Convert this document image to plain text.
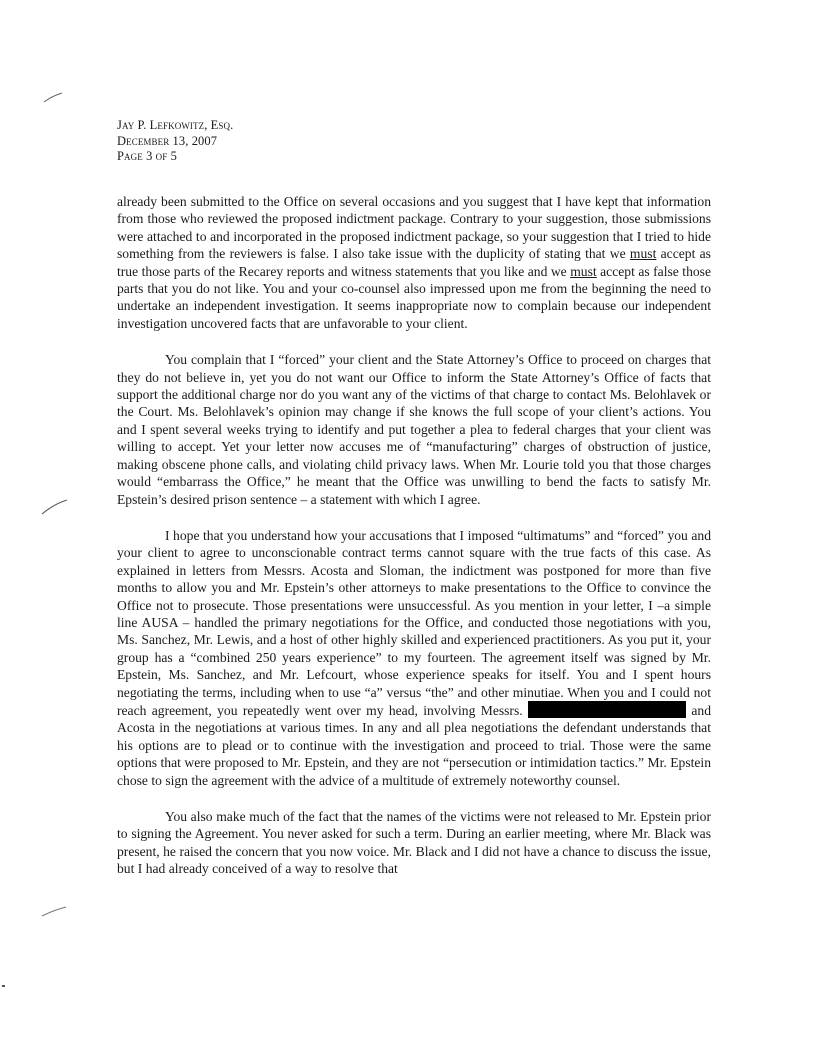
Jay P. Lefkowitz, Esq.
December 13, 2007
Page 3 of 5

already been submitted to the Office on several occasions and you suggest that I have kept that information from those who reviewed the proposed indictment package. Contrary to your suggestion, those submissions were attached to and incorporated in the proposed indictment package, so your suggestion that I tried to hide something from the reviewers is false. I also take issue with the duplicity of stating that we must accept as true those parts of the Recarey reports and witness statements that you like and we must accept as false those parts that you do not like. You and your co-counsel also impressed upon me from the beginning the need to undertake an independent investigation. It seems inappropriate now to complain because our independent investigation uncovered facts that are unfavorable to your client.

You complain that I “forced” your client and the State Attorney’s Office to proceed on charges that they do not believe in, yet you do not want our Office to inform the State Attorney’s Office of facts that support the additional charge nor do you want any of the victims of that charge to contact Ms. Belohlavek or the Court. Ms. Belohlavek’s opinion may change if she knows the full scope of your client’s actions. You and I spent several weeks trying to identify and put together a plea to federal charges that your client was willing to accept. Yet your letter now accuses me of “manufacturing” charges of obstruction of justice, making obscene phone calls, and violating child privacy laws. When Mr. Lourie told you that those charges would “embarrass the Office,” he meant that the Office was unwilling to bend the facts to satisfy Mr. Epstein’s desired prison sentence – a statement with which I agree.

I hope that you understand how your accusations that I imposed “ultimatums” and “forced” you and your client to agree to unconscionable contract terms cannot square with the true facts of this case. As explained in letters from Messrs. Acosta and Sloman, the indictment was postponed for more than five months to allow you and Mr. Epstein’s other attorneys to make presentations to the Office to convince the Office not to prosecute. Those presentations were unsuccessful. As you mention in your letter, I –a simple line AUSA – handled the primary negotiations for the Office, and conducted those negotiations with you, Ms. Sanchez, Mr. Lewis, and a host of other highly skilled and experienced practitioners. As you put it, your group has a “combined 250 years experience” to my fourteen. The agreement itself was signed by Mr. Epstein, Ms. Sanchez, and Mr. Lefcourt, whose experience speaks for itself. You and I spent hours negotiating the terms, including when to use “a” versus “the” and other minutiae. When you and I could not reach agreement, you repeatedly went over my head, involving Messrs.	and Acosta in the negotiations at various times. In any and all plea negotiations the defendant understands that his options are to plead or to continue with the investigation and proceed to trial. Those were the same options that were proposed to Mr. Epstein, and they are not “persecution or intimidation tactics.” Mr. Epstein chose to sign the agreement with the advice of a multitude of extremely noteworthy counsel.

You also make much of the fact that the names of the victims were not released to Mr. Epstein prior to signing the Agreement. You never asked for such a term. During an earlier meeting, where Mr. Black was present, he raised the concern that you now voice. Mr. Black and I did not have a chance to discuss the issue, but I had already conceived of a way to resolve that
